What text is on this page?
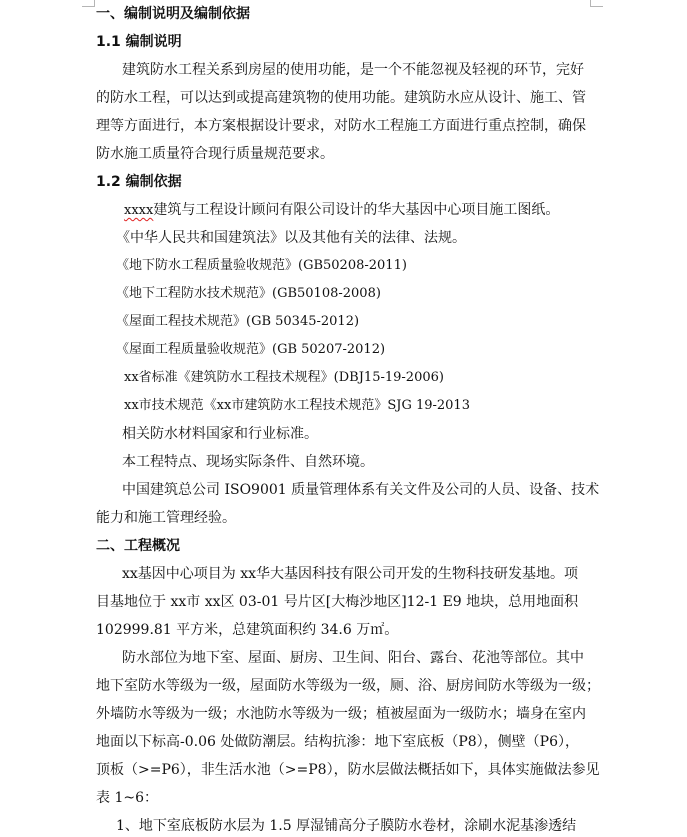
一、编制说明及编制依据
1.1 编制说明
建筑防水工程关系到房屋的使用功能，是一个不能忽视及轻视的环节，完好
的防水工程，可以达到或提高建筑物的使用功能。建筑防水应从设计、施工、管
理等方面进行，本方案根据设计要求，对防水工程施工方面进行重点控制，确保
防水施工质量符合现行质量规范要求。
1.2 编制依据
xxxx建筑与工程设计顾问有限公司设计的华大基因中心项目施工图纸。
《中华人民共和国建筑法》以及其他有关的法律、法规。
《地下防水工程质量验收规范》(GB50208-2011)
《地下工程防水技术规范》(GB50108-2008)
《屋面工程技术规范》(GB 50345-2012)
《屋面工程质量验收规范》(GB 50207-2012)
xx省标准《建筑防水工程技术规程》(DBJ15-19-2006)
xx市技术规范《xx市建筑防水工程技术规范》SJG 19-2013
相关防水材料国家和行业标准。
本工程特点、现场实际条件、自然环境。
中国建筑总公司 ISO9001 质量管理体系有关文件及公司的人员、设备、技术
能力和施工管理经验。
二、工程概况
xx基因中心项目为 xx华大基因科技有限公司开发的生物科技研发基地。项
目基地位于 xx市 xx区 03-01 号片区[大梅沙地区]12-1 E9 地块，总用地面积
102999.81 平方米，总建筑面积约 34.6 万㎡。
防水部位为地下室、屋面、厨房、卫生间、阳台、露台、花池等部位。其中
地下室防水等级为一级，屋面防水等级为一级，厕、浴、厨房间防水等级为一级；
外墙防水等级为一级；水池防水等级为一级；植被屋面为一级防水；墙身在室内
地面以下标高-0.06 处做防潮层。结构抗渗：地下室底板（P8），侧壁（P6），
顶板（>=P6），非生活水池（>=P8），防水层做法概括如下，具体实施做法参见
表 1~6：
1、地下室底板防水层为 1.5 厚湿铺高分子膜防水卷材，涂刷水泥基渗透结
